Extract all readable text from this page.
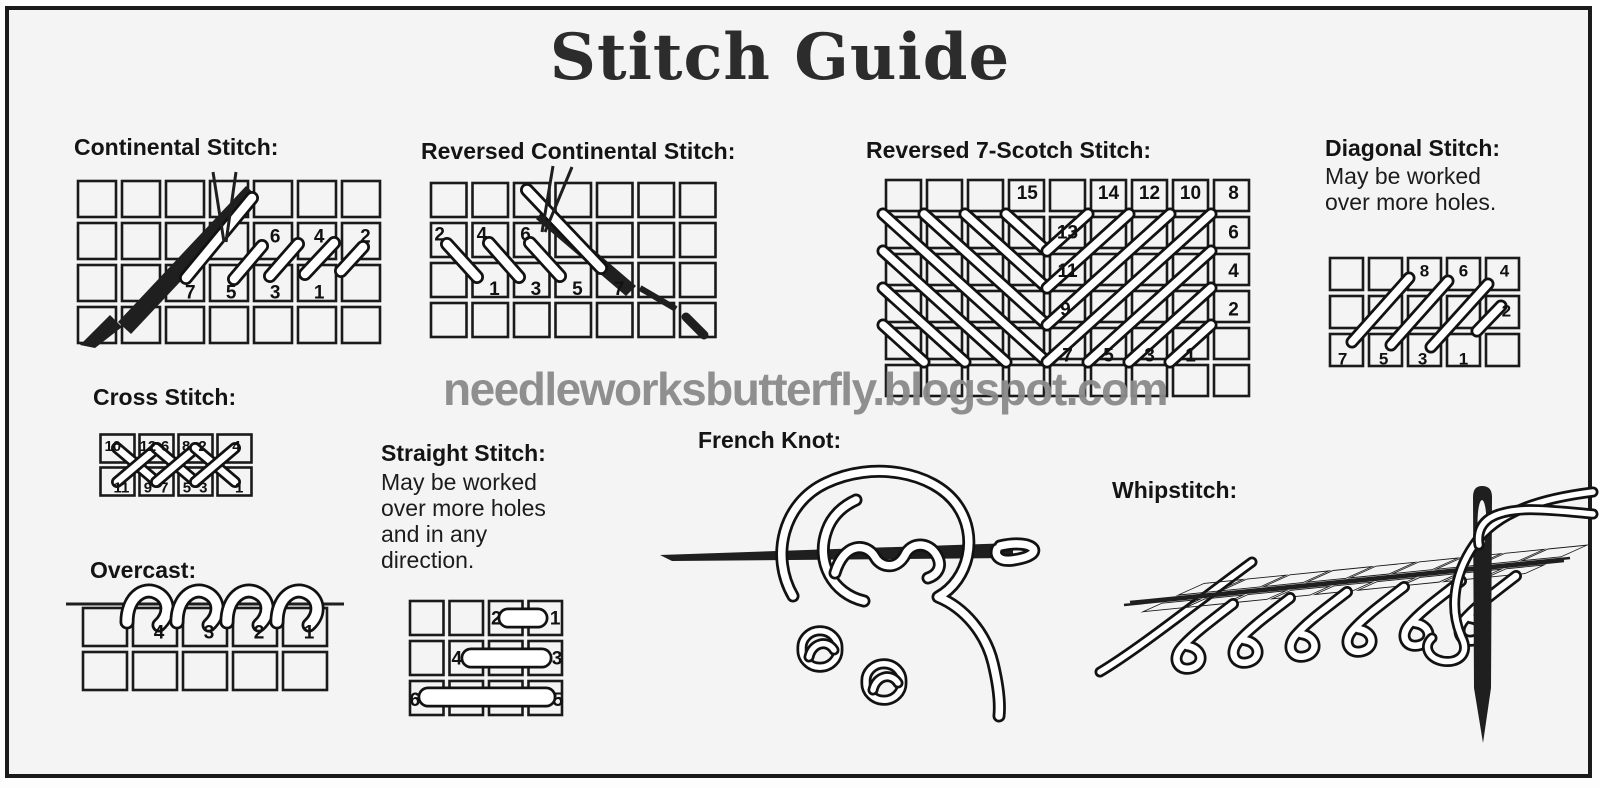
Stitch Guide
Continental Stitch:	Reversed Continental Stitch:	Reversed 7-Scotch Stitch:	Diagonal Stitch:
May be worked over more holes.
Cross Stitch:
Straight Stitch:
May be worked over more holes and in any direction.
Overcast:
French Knot:
Whipstitch:
needleworksbutterfly.blogspot.com
6 4 2
7 5 3 1
2 4 6
1 3 5 7
15	14 12 10 8
13	6
11	4
9	2
7 5 3 1
8 6 4
2
7 5 3 1
10 12 6 8 2 4
11 9 7 5 3 1
4 3 2 1
2	1
4	3
6	5
